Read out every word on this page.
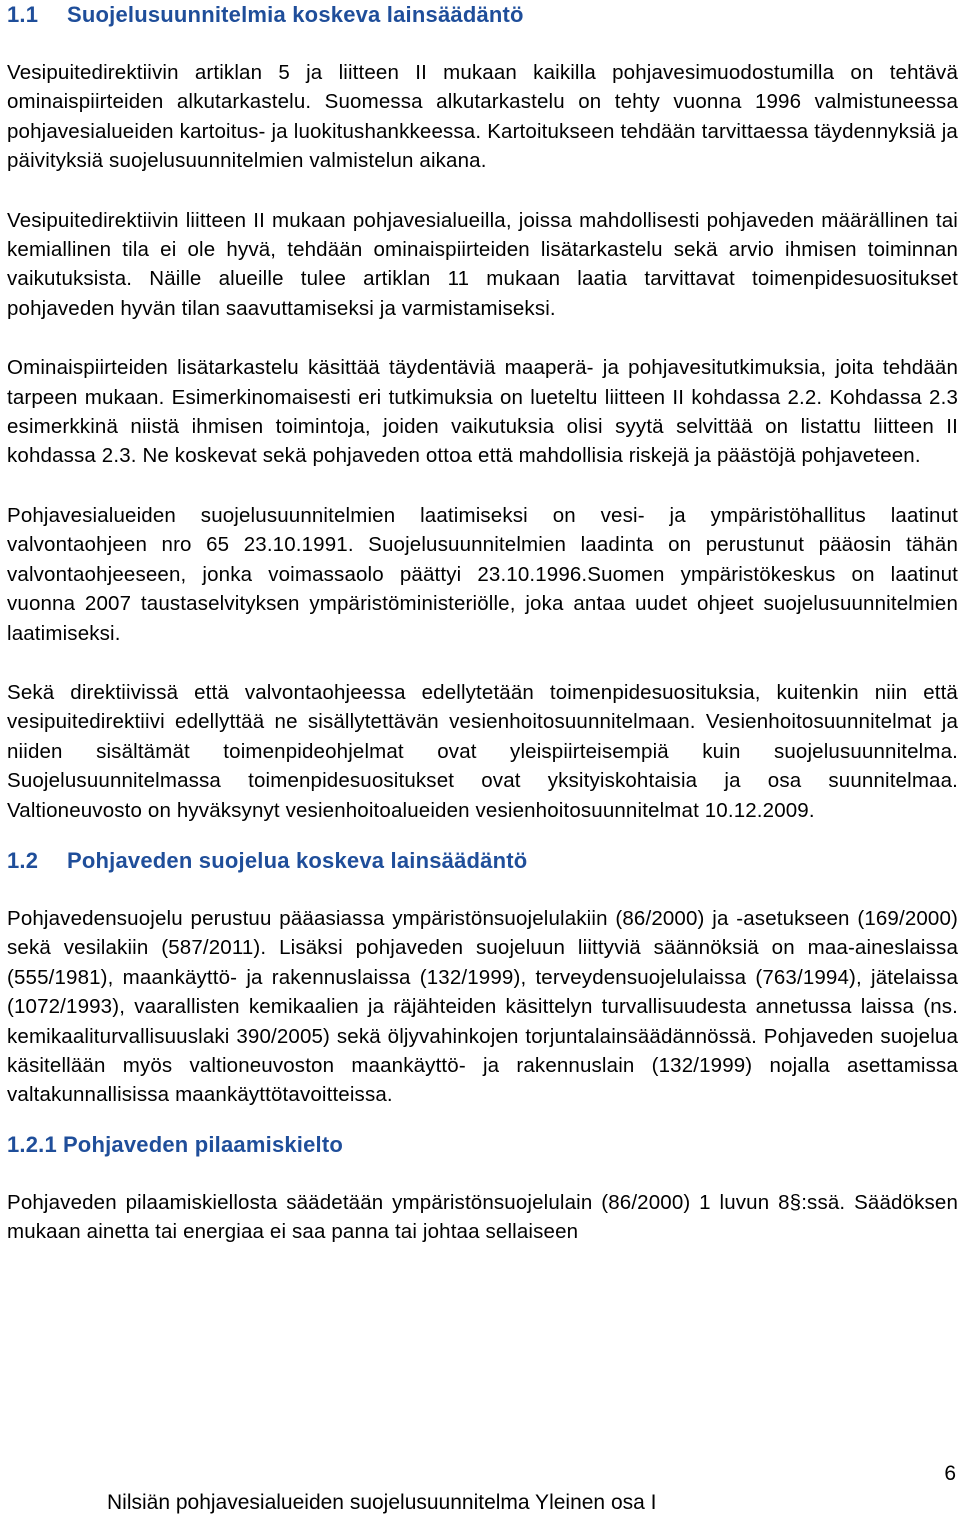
1.1	Suojelusuunnitelmia koskeva lainsäädäntö

Vesipuitedirektiivin artiklan 5 ja liitteen II mukaan kaikilla pohjavesimuodostumilla on tehtävä ominaispiirteiden alkutarkastelu. Suomessa alkutarkastelu on tehty vuonna 1996 valmistuneessa pohjavesialueiden kartoitus- ja luokitushankkeessa. Kartoitukseen tehdään tarvittaessa täydennyksiä ja päivityksiä suojelusuunnitelmien valmistelun aikana.

Vesipuitedirektiivin liitteen II mukaan pohjavesialueilla, joissa mahdollisesti pohjaveden määrällinen tai kemiallinen tila ei ole hyvä, tehdään ominaispiirteiden lisätarkastelu sekä arvio ihmisen toiminnan vaikutuksista. Näille alueille tulee artiklan 11 mukaan laatia tarvittavat toimenpidesuositukset pohjaveden hyvän tilan saavuttamiseksi ja varmistamiseksi.

Ominaispiirteiden lisätarkastelu käsittää täydentäviä maaperä- ja pohjavesitutkimuksia, joita tehdään tarpeen mukaan. Esimerkinomaisesti eri tutkimuksia on lueteltu liitteen II kohdassa 2.2. Kohdassa 2.3 esimerkkinä niistä ihmisen toimintoja, joiden vaikutuksia olisi syytä selvittää on listattu liitteen II kohdassa 2.3. Ne koskevat sekä pohjaveden ottoa että mahdollisia riskejä ja päästöjä pohjaveteen.

Pohjavesialueiden suojelusuunnitelmien laatimiseksi on vesi- ja ympäristöhallitus laatinut valvontaohjeen nro 65 23.10.1991. Suojelusuunnitelmien laadinta on perustunut pääosin tähän valvontaohjeeseen, jonka voimassaolo päättyi 23.10.1996.Suomen ympäristökeskus on laatinut vuonna 2007 taustaselvityksen ympäristöministeriölle, joka antaa uudet ohjeet suojelusuunnitelmien laatimiseksi.

Sekä direktiivissä että valvontaohjeessa edellytetään toimenpidesuosituksia, kuitenkin niin että vesipuitedirektiivi edellyttää ne sisällytettävän vesienhoitosuunnitelmaan. Vesienhoitosuunnitelmat ja niiden sisältämät toimenpideohjelmat ovat yleispiirteisempiä kuin suojelusuunnitelma. Suojelusuunnitelmassa toimenpidesuositukset ovat yksityiskohtaisia ja osa suunnitelmaa. Valtioneuvosto on hyväksynyt vesienhoitoalueiden vesienhoitosuunnitelmat 10.12.2009.

1.2	Pohjaveden suojelua koskeva lainsäädäntö

Pohjavedensuojelu perustuu pääasiassa ympäristönsuojelulakiin (86/2000) ja -asetukseen (169/2000) sekä vesilakiin (587/2011). Lisäksi pohjaveden suojeluun liittyviä säännöksiä on maa-aineslaissa (555/1981), maankäyttö- ja rakennuslaissa (132/1999), terveydensuojelulaissa (763/1994), jätelaissa (1072/1993), vaarallisten kemikaalien ja räjähteiden käsittelyn turvallisuudesta annetussa laissa (ns. kemikaaliturvallisuuslaki 390/2005) sekä öljyvahinkojen torjuntalainsäädännössä. Pohjaveden suojelua käsitellään myös valtioneuvoston maankäyttö- ja rakennuslain (132/1999) nojalla asettamissa valtakunnallisissa maankäyttötavoitteissa.

1.2.1 Pohjaveden pilaamiskielto

Pohjaveden pilaamiskiellosta säädetään ympäristönsuojelulain (86/2000) 1 luvun 8§:ssä. Säädöksen mukaan ainetta tai energiaa ei saa panna tai johtaa sellaiseen

6
Nilsiän pohjavesialueiden suojelusuunnitelma Yleinen osa I
